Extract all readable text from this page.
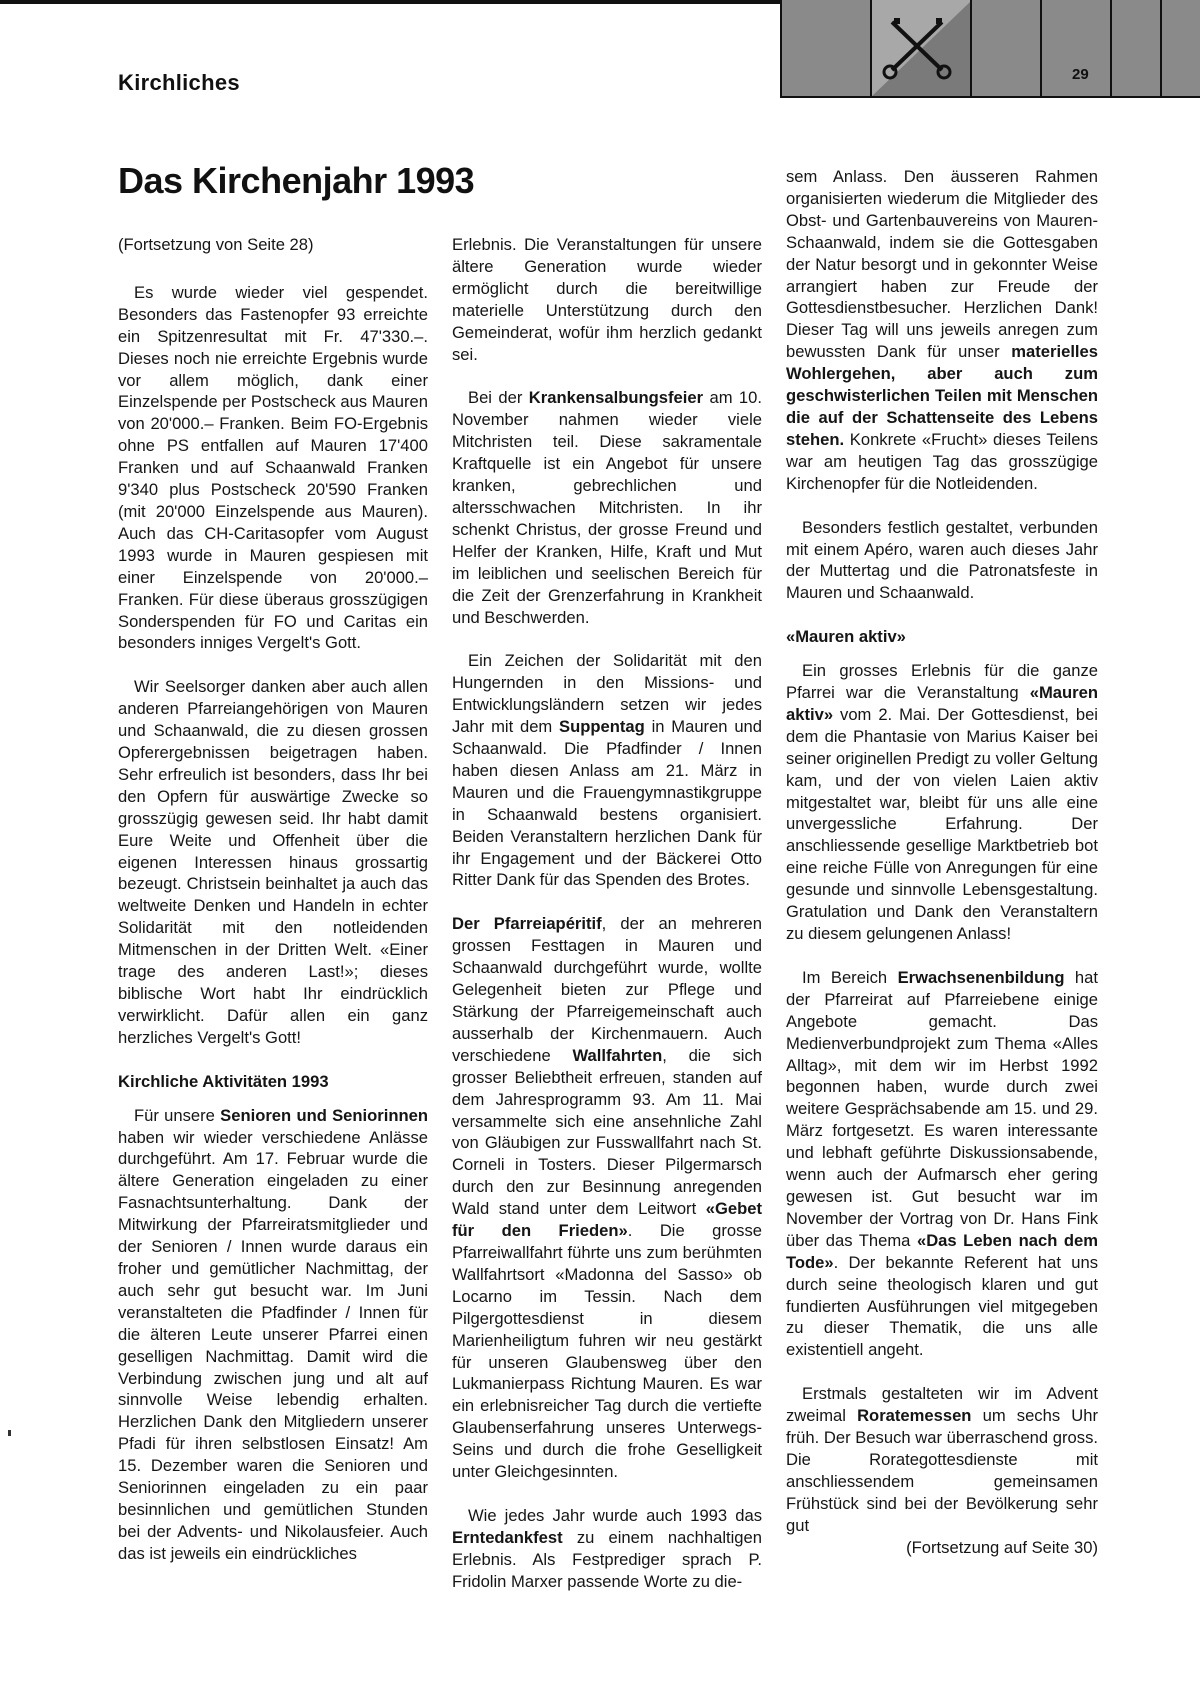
29
Kirchliches
Das Kirchenjahr 1993

(Fortsetzung von Seite 28)

Es wurde wieder viel gespendet. Besonders das Fastenopfer 93 erreichte ein Spitzenresultat mit Fr. 47'330.–. Dieses noch nie erreichte Ergebnis wurde vor allem möglich, dank einer Einzelspende per Postscheck aus Mauren von 20'000.– Franken. Beim FO-Ergebnis ohne PS entfallen auf Mauren 17'400 Franken und auf Schaanwald Franken 9'340 plus Postscheck 20'590 Franken (mit 20'000 Einzelspende aus Mauren). Auch das CH-Caritasopfer vom August 1993 wurde in Mauren gespiesen mit einer Einzelspende von 20'000.– Franken. Für diese überaus grosszügigen Sonderspenden für FO und Caritas ein besonders inniges Vergelt's Gott.

Wir Seelsorger danken aber auch allen anderen Pfarreiangehörigen von Mauren und Schaanwald, die zu diesen grossen Opferergebnissen beigetragen haben. Sehr erfreulich ist besonders, dass Ihr bei den Opfern für auswärtige Zwecke so grosszügig gewesen seid. Ihr habt damit Eure Weite und Offenheit über die eigenen Interessen hinaus grossartig bezeugt. Christsein beinhaltet ja auch das weltweite Denken und Handeln in echter Solidarität mit den notleidenden Mitmenschen in der Dritten Welt. «Einer trage des anderen Last!»; dieses biblische Wort habt Ihr eindrücklich verwirklicht. Dafür allen ein ganz herzliches Vergelt's Gott!

Kirchliche Aktivitäten 1993

Für unsere Senioren und Seniorinnen haben wir wieder verschiedene Anlässe durchgeführt. Am 17. Februar wurde die ältere Generation eingeladen zu einer Fasnachtsunterhaltung. Dank der Mitwirkung der Pfarreiratsmitglieder und der Senioren / Innen wurde daraus ein froher und gemütlicher Nachmittag, der auch sehr gut besucht war. Im Juni veranstalteten die Pfadfinder / Innen für die älteren Leute unserer Pfarrei einen geselligen Nachmittag. Damit wird die Verbindung zwischen jung und alt auf sinnvolle Weise lebendig erhalten. Herzlichen Dank den Mitgliedern unserer Pfadi für ihren selbstlosen Einsatz! Am 15. Dezember waren die Senioren und Seniorinnen eingeladen zu ein paar besinnlichen und gemütlichen Stunden bei der Advents- und Nikolausfeier. Auch das ist jeweils ein eindrückliches

Erlebnis. Die Veranstaltungen für unsere ältere Generation wurde wieder ermöglicht durch die bereitwillige materielle Unterstützung durch den Gemeinderat, wofür ihm herzlich gedankt sei.

Bei der Krankensalbungsfeier am 10. November nahmen wieder viele Mitchristen teil. Diese sakramentale Kraftquelle ist ein Angebot für unsere kranken, gebrechlichen und altersschwachen Mitchristen. In ihr schenkt Christus, der grosse Freund und Helfer der Kranken, Hilfe, Kraft und Mut im leiblichen und seelischen Bereich für die Zeit der Grenzerfahrung in Krankheit und Beschwerden.

Ein Zeichen der Solidarität mit den Hungernden in den Missions- und Entwicklungsländern setzen wir jedes Jahr mit dem Suppentag in Mauren und Schaanwald. Die Pfadfinder / Innen haben diesen Anlass am 21. März in Mauren und die Frauengymnastikgruppe in Schaanwald bestens organisiert. Beiden Veranstaltern herzlichen Dank für ihr Engagement und der Bäckerei Otto Ritter Dank für das Spenden des Brotes.

Der Pfarreiapéritif, der an mehreren grossen Festtagen in Mauren und Schaanwald durchgeführt wurde, wollte Gelegenheit bieten zur Pflege und Stärkung der Pfarreigemeinschaft auch ausserhalb der Kirchenmauern. Auch verschiedene Wallfahrten, die sich grosser Beliebtheit erfreuen, standen auf dem Jahresprogramm 93. Am 11. Mai versammelte sich eine ansehnliche Zahl von Gläubigen zur Fusswallfahrt nach St. Corneli in Tosters. Dieser Pilgermarsch durch den zur Besinnung anregenden Wald stand unter dem Leitwort «Gebet für den Frieden». Die grosse Pfarreiwallfahrt führte uns zum berühmten Wallfahrtsort «Madonna del Sasso» ob Locarno im Tessin. Nach dem Pilgergottesdienst in diesem Marienheiligtum fuhren wir neu gestärkt für unseren Glaubensweg über den Lukmanierpass Richtung Mauren. Es war ein erlebnisreicher Tag durch die vertiefte Glaubenserfahrung unseres Unterwegs-Seins und durch die frohe Geselligkeit unter Gleichgesinnten.

Wie jedes Jahr wurde auch 1993 das Erntedankfest zu einem nachhaltigen Erlebnis. Als Festprediger sprach P. Fridolin Marxer passende Worte zu die-

sem Anlass. Den äusseren Rahmen organisierten wiederum die Mitglieder des Obst- und Gartenbauvereins von Mauren-Schaanwald, indem sie die Gottesgaben der Natur besorgt und in gekonnter Weise arrangiert haben zur Freude der Gottesdienstbesucher. Herzlichen Dank! Dieser Tag will uns jeweils anregen zum bewussten Dank für unser materielles Wohlergehen, aber auch zum geschwisterlichen Teilen mit Menschen die auf der Schattenseite des Lebens stehen. Konkrete «Frucht» dieses Teilens war am heutigen Tag das grosszügige Kirchenopfer für die Notleidenden.

Besonders festlich gestaltet, verbunden mit einem Apéro, waren auch dieses Jahr der Muttertag und die Patronatsfeste in Mauren und Schaanwald.

«Mauren aktiv»

Ein grosses Erlebnis für die ganze Pfarrei war die Veranstaltung «Mauren aktiv» vom 2. Mai. Der Gottesdienst, bei dem die Phantasie von Marius Kaiser bei seiner originellen Predigt zu voller Geltung kam, und der von vielen Laien aktiv mitgestaltet war, bleibt für uns alle eine unvergessliche Erfahrung. Der anschliessende gesellige Marktbetrieb bot eine reiche Fülle von Anregungen für eine gesunde und sinnvolle Lebensgestaltung. Gratulation und Dank den Veranstaltern zu diesem gelungenen Anlass!

Im Bereich Erwachsenenbildung hat der Pfarreirat auf Pfarreiebene einige Angebote gemacht. Das Medienverbundprojekt zum Thema «Alles Alltag», mit dem wir im Herbst 1992 begonnen haben, wurde durch zwei weitere Gesprächsabende am 15. und 29. März fortgesetzt. Es waren interessante und lebhaft geführte Diskussionsabende, wenn auch der Aufmarsch eher gering gewesen ist. Gut besucht war im November der Vortrag von Dr. Hans Fink über das Thema «Das Leben nach dem Tode». Der bekannte Referent hat uns durch seine theologisch klaren und gut fundierten Ausführungen viel mitgegeben zu dieser Thematik, die uns alle existentiell angeht.

Erstmals gestalteten wir im Advent zweimal Roratemessen um sechs Uhr früh. Der Besuch war überraschend gross. Die Rorategottesdienste mit anschliessendem gemeinsamen Frühstück sind bei der Bevölkerung sehr gut

(Fortsetzung auf Seite 30)
